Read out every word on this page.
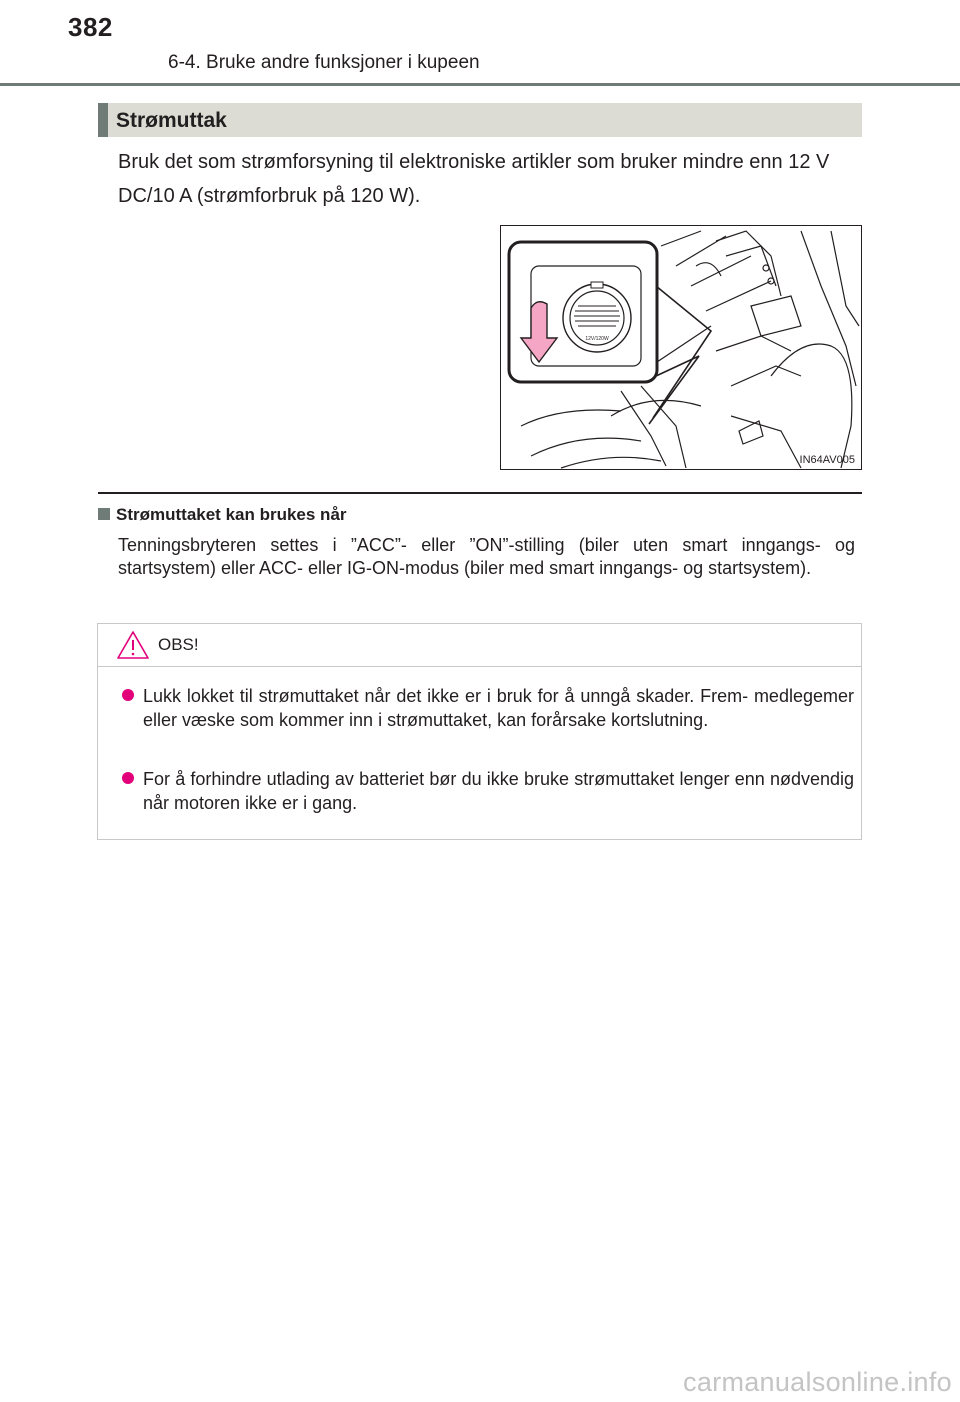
382
6-4. Bruke andre funksjoner i kupeen
Strømuttak
Bruk det som strømforsyning til elektroniske artikler som bruker mindre enn 12 V DC/10 A (strømforbruk på 120 W).
12V/120W
IN64AV005
Strømuttaket kan brukes når
Tenningsbryteren settes i ”ACC”- eller ”ON”-stilling (biler uten smart inngangs- og startsystem) eller ACC- eller IG-ON-modus (biler med smart inngangs- og startsystem).
OBS!
Lukk lokket til strømuttaket når det ikke er i bruk for å unngå skader. Frem- medlegemer eller væske som kommer inn i strømuttaket, kan forårsake kortslutning.
For å forhindre utlading av batteriet bør du ikke bruke strømuttaket lenger enn nødvendig når motoren ikke er i gang.
carmanualsonline.info
